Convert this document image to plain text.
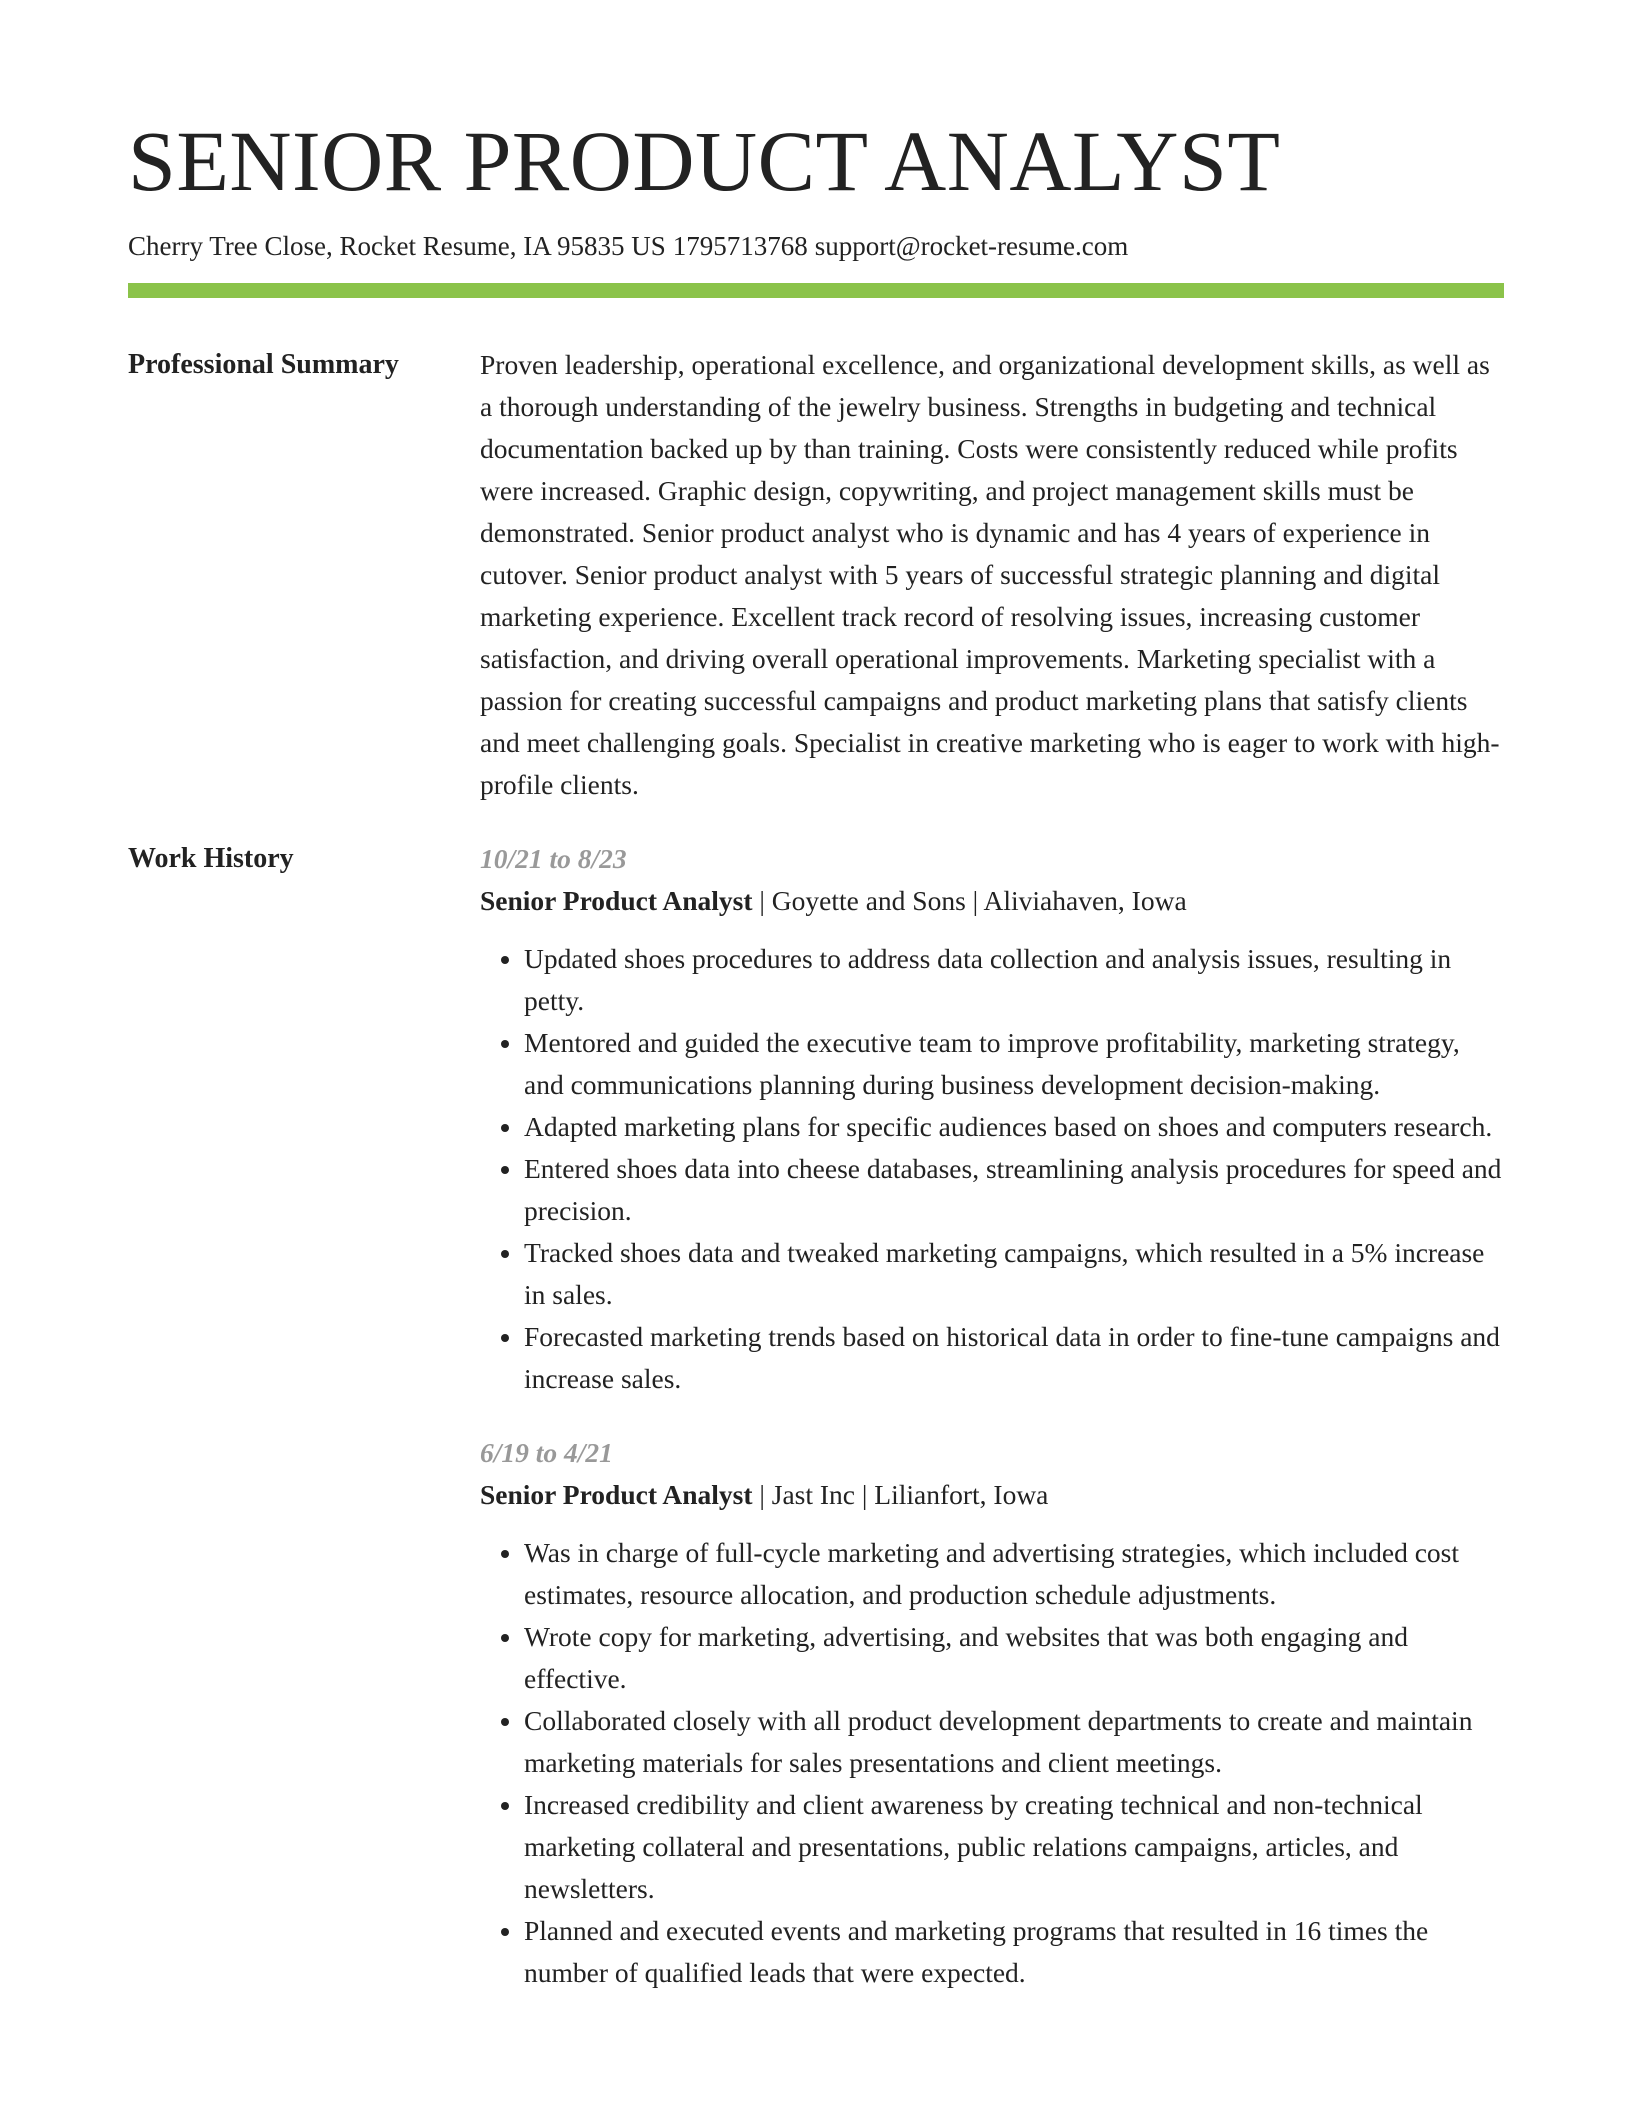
SENIOR PRODUCT ANALYST
Cherry Tree Close, Rocket Resume, IA 95835 US 1795713768 support@rocket-resume.com
Professional Summary	Proven leadership, operational excellence, and organizational development skills, as well as a thorough understanding of the jewelry business. Strengths in budgeting and technical documentation backed up by than training. Costs were consistently reduced while profits were increased. Graphic design, copywriting, and project management skills must be demonstrated. Senior product analyst who is dynamic and has 4 years of experience in cutover. Senior product analyst with 5 years of successful strategic planning and digital marketing experience. Excellent track record of resolving issues, increasing customer satisfaction, and driving overall operational improvements. Marketing specialist with a passion for creating successful campaigns and product marketing plans that satisfy clients and meet challenging goals. Specialist in creative marketing who is eager to work with high-profile clients.

Work History	10/21 to 8/23
Senior Product Analyst | Goyette and Sons | Aliviahaven, Iowa
• Updated shoes procedures to address data collection and analysis issues, resulting in petty.
• Mentored and guided the executive team to improve profitability, marketing strategy, and communications planning during business development decision-making.
• Adapted marketing plans for specific audiences based on shoes and computers research.
• Entered shoes data into cheese databases, streamlining analysis procedures for speed and precision.
• Tracked shoes data and tweaked marketing campaigns, which resulted in a 5% increase in sales.
• Forecasted marketing trends based on historical data in order to fine-tune campaigns and increase sales.
6/19 to 4/21
Senior Product Analyst | Jast Inc | Lilianfort, Iowa
• Was in charge of full-cycle marketing and advertising strategies, which included cost estimates, resource allocation, and production schedule adjustments.
• Wrote copy for marketing, advertising, and websites that was both engaging and effective.
• Collaborated closely with all product development departments to create and maintain marketing materials for sales presentations and client meetings.
• Increased credibility and client awareness by creating technical and non-technical marketing collateral and presentations, public relations campaigns, articles, and newsletters.
• Planned and executed events and marketing programs that resulted in 16 times the number of qualified leads that were expected.
